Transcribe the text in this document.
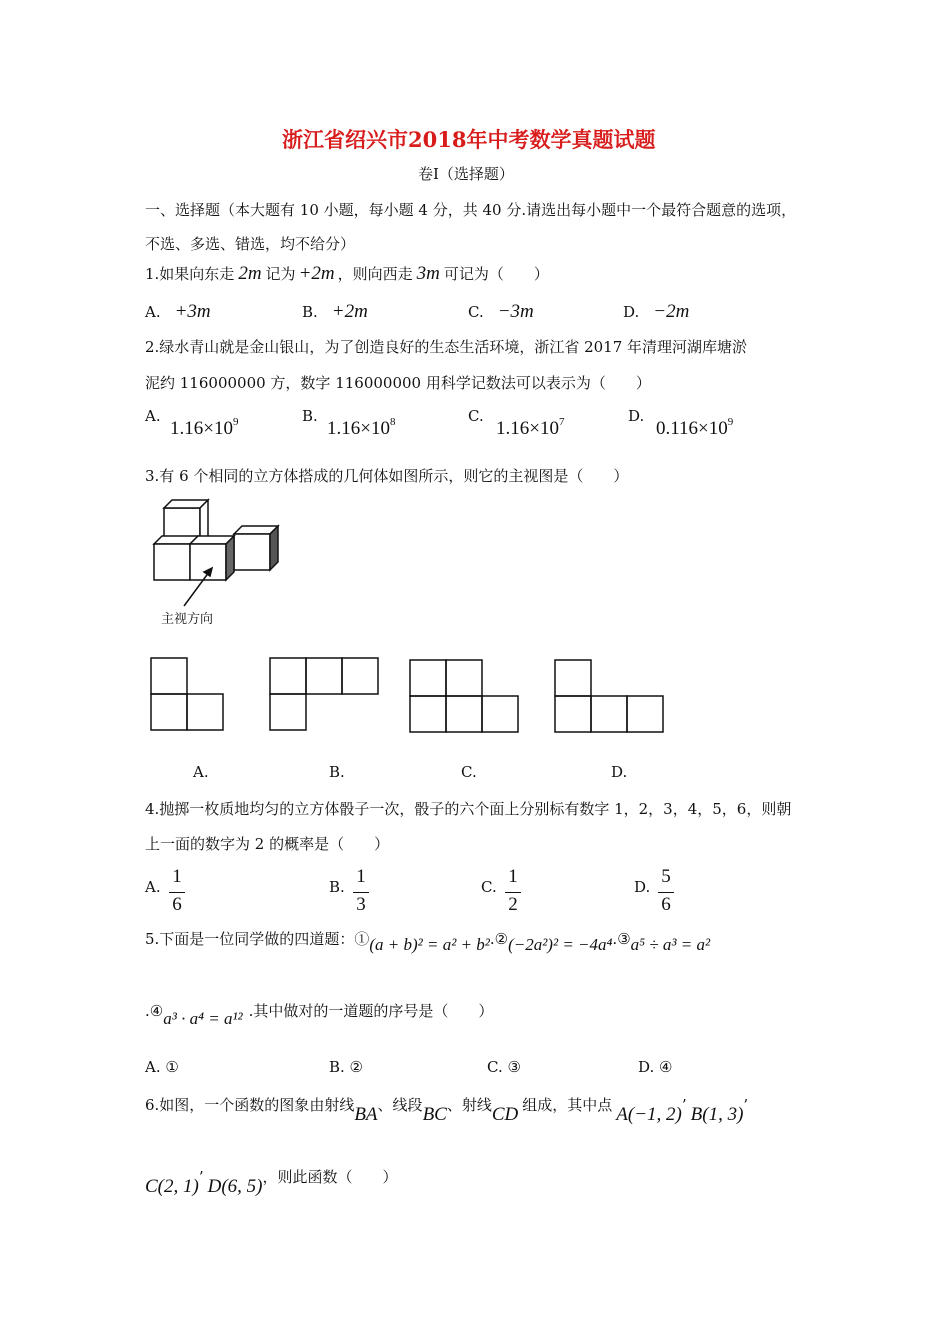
浙江省绍兴市2018年中考数学真题试题
卷Ⅰ（选择题）
一、选择题（本大题有 10 小题，每小题 4 分，共 40 分.请选出每小题中一个最符合题意的选项，
不选、多选、错选，均不给分）
1.如果向东走 2m 记为 +2m ，则向西走 3m 可记为（　　）
A. +3m	B. +2m	C. −3m	D. −2m
2.绿水青山就是金山银山，为了创造良好的生态生活环境，浙江省 2017 年清理河湖库塘淤
泥约 116000000 方，数字 116000000 用科学记数法可以表示为（　　）
A.
$1.16\times 10^9$	B.
$1.16\times 10^8$	C.
$1.16\times 10^7$	D.
$0.116\times 10^9$
3.有 6 个相同的立方体搭成的几何体如图所示，则它的主视图是（　　）
主视方向
A.	B.	C.	D.
4.抛掷一枚质地均匀的立方体骰子一次，骰子的六个面上分别标有数字 1，2，3，4，5，6，则朝
上一面的数字为 2 的概率是（　　）
A. 1
6
B. 1
3
C. 1
2
D. 5
6
5.下面是一位同学做的四道题：①(a + b)² = a² + b².②(−2a²)² = −4a⁴.③a⁵ ÷ a³ = a²
.④a³ · a⁴ = a¹² .其中做对的一道题的序号是（　　）
A. ①	B. ②	C. ③	D. ④
6.如图，一个函数的图象由射线BA、线段BC、射线CD 组成，其中点 A(−1, 2)’ B(1, 3)’
C(2, 1)’ D(6, 5)，则此函数（　　）
